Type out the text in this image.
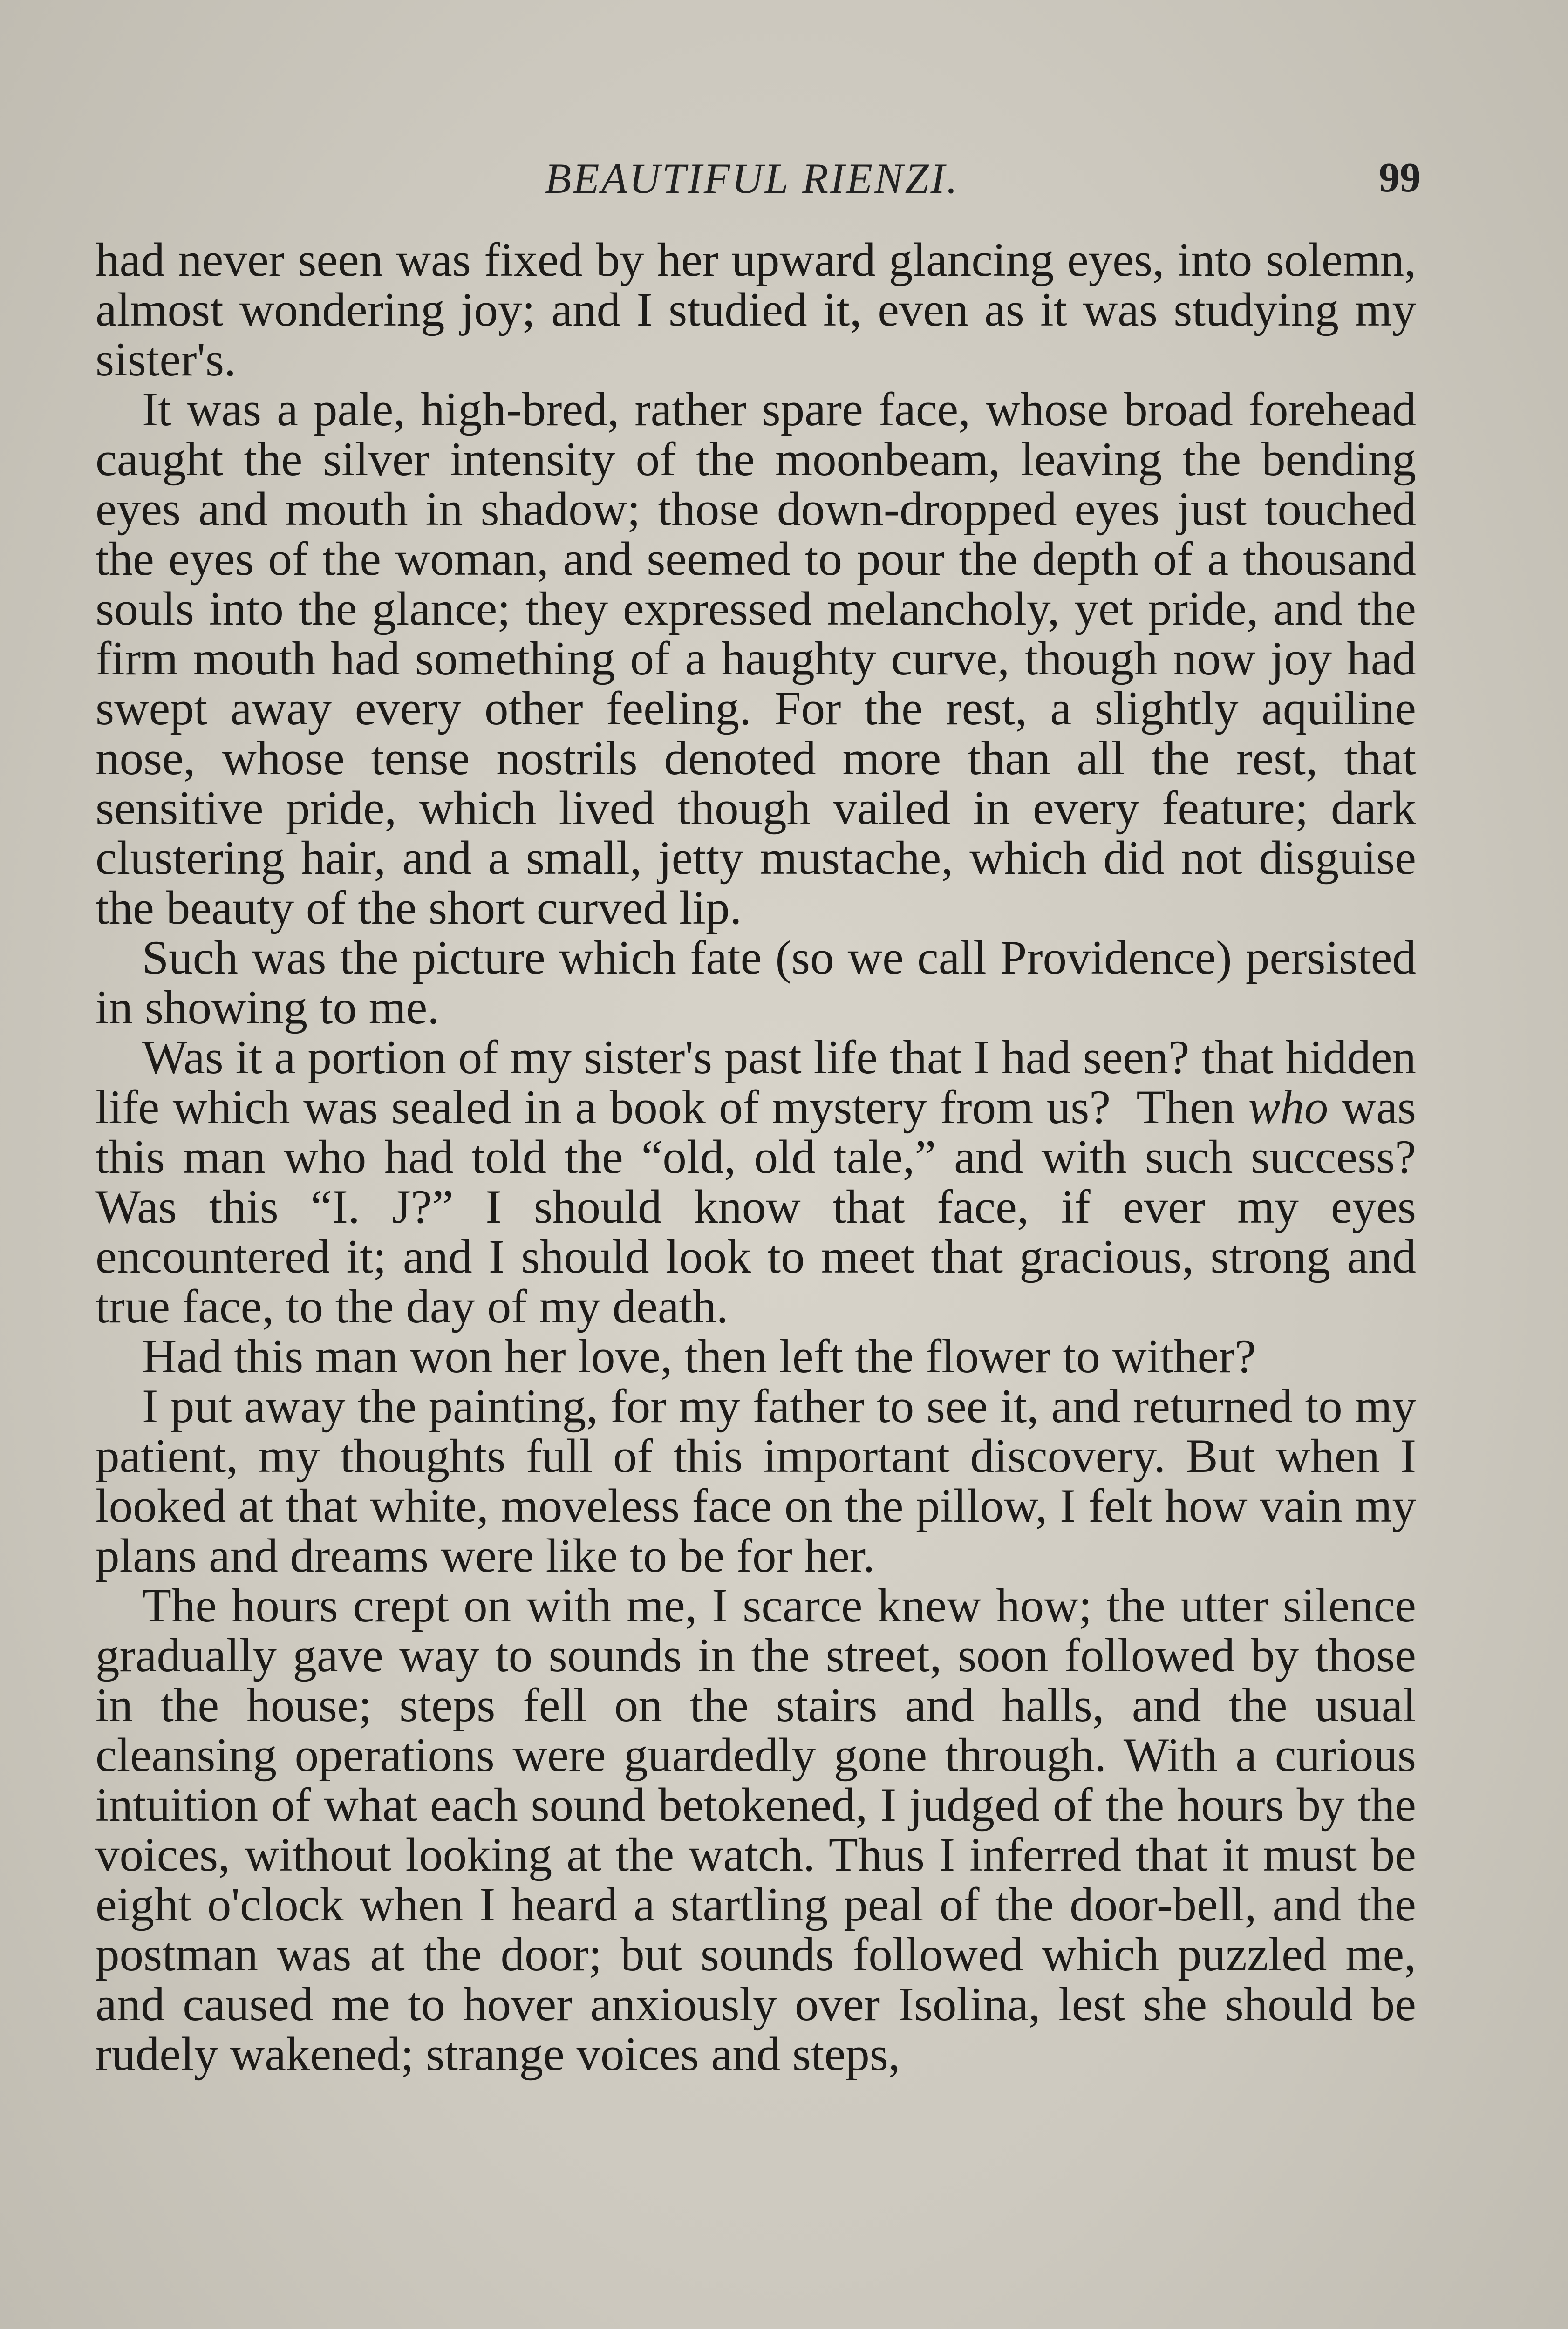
BEAUTIFUL RIENZI.	99

had never seen was fixed by her upward glancing eyes, into solemn, almost wondering joy; and I studied it, even as it was studying my sister's.

It was a pale, high-bred, rather spare face, whose broad forehead caught the silver intensity of the moonbeam, leaving the bending eyes and mouth in shadow; those down-dropped eyes just touched the eyes of the woman, and seemed to pour the depth of a thousand souls into the glance; they expressed melancholy, yet pride, and the firm mouth had something of a haughty curve, though now joy had swept away every other feeling. For the rest, a slightly aquiline nose, whose tense nostrils denoted more than all the rest, that sensitive pride, which lived though vailed in every feature; dark clustering hair, and a small, jetty mustache, which did not disguise the beauty of the short curved lip.

Such was the picture which fate (so we call Providence) persisted in showing to me.

Was it a portion of my sister's past life that I had seen? that hidden life which was sealed in a book of mystery from us? Then who was this man who had told the “old, old tale,” and with such success? Was this “I. J?” I should know that face, if ever my eyes encountered it; and I should look to meet that gracious, strong and true face, to the day of my death.

Had this man won her love, then left the flower to wither?

I put away the painting, for my father to see it, and returned to my patient, my thoughts full of this important discovery. But when I looked at that white, moveless face on the pillow, I felt how vain my plans and dreams were like to be for her.

The hours crept on with me, I scarce knew how; the utter silence gradually gave way to sounds in the street, soon followed by those in the house; steps fell on the stairs and halls, and the usual cleansing operations were guardedly gone through. With a curious intuition of what each sound betokened, I judged of the hours by the voices, without looking at the watch. Thus I inferred that it must be eight o'clock when I heard a startling peal of the door-bell, and the postman was at the door; but sounds followed which puzzled me, and caused me to hover anxiously over Isolina, lest she should be rudely wakened; strange voices and steps,
